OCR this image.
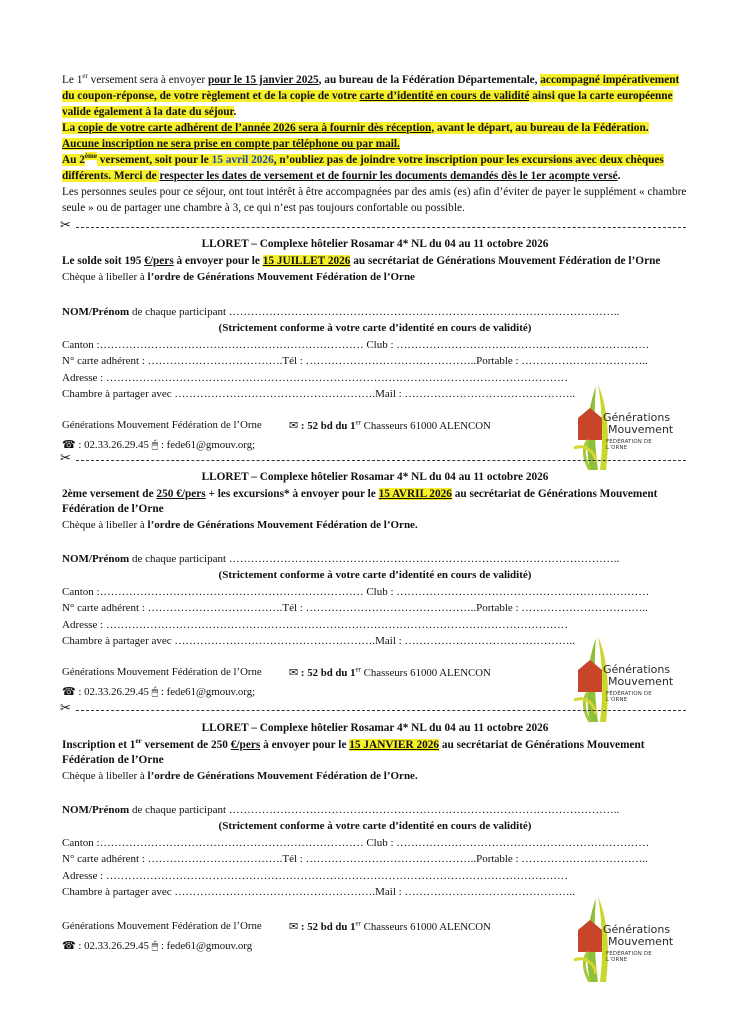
Le 1er versement sera à envoyer pour le 15 janvier 2025, au bureau de la Fédération Départementale, accompagné impérativement du coupon-réponse, de votre règlement et de la copie de votre carte d’identité en cours de validité ainsi que la carte européenne valide également à la date du séjour.

La copie de votre carte adhérent de l’année 2026 sera à fournir dès réception, avant le départ, au bureau de la Fédération.

Aucune inscription ne sera prise en compte par téléphone ou par mail.

Au 2ème versement, soit pour le 15 avril 2026, n’oubliez pas de joindre votre inscription pour les excursions avec deux chèques différents. Merci de respecter les dates de versement et de fournir les documents demandés dès le 1er acompte versé.

Les personnes seules pour ce séjour, ont tout intérêt à être accompagnées par des amis (es) afin d’éviter de payer le supplément « chambre seule » ou de partager une chambre à 3, ce qui n’est pas toujours confortable ou possible.

✂

LLORET – Complexe hôtelier Rosamar 4* NL du 04 au 11 octobre 2026

Le solde soit 195 €/pers à envoyer pour le 15 JUILLET 2026 au secrétariat de Générations Mouvement Fédération de l’Orne

Chèque à libeller à l’ordre de Générations Mouvement Fédération de l’Orne

NOM/Prénom de chaque participant ……………………………………………………………………………………………..
(Strictement conforme à votre carte d’identité en cours de validité)
Canton :……………………………………………………………… Club : ……………………………………………………………
N° carte adhérent : ……………………………….Tél : ………………………………………..Portable : ……………………………..
Adresse : ………………………………………………………………………………………………………………
Chambre à partager avec ……………………………………………….Mail : ………………………………………..
Générations Mouvement Fédération de l’Orne ✉ : 52 bd du 1er Chasseurs 61000 ALENCON
☎ : 02.33.26.29.45 🖱 : fede61@gmouv.org;
Générations
Mouvement
FÉDÉRATION DE L’ORNE
✂

LLORET – Complexe hôtelier Rosamar 4* NL du 04 au 11 octobre 2026

2ème versement de 250 €/pers + les excursions* à envoyer pour le 15 AVRIL 2026 au secrétariat de Générations Mouvement Fédération de l’Orne

Chèque à libeller à l’ordre de Générations Mouvement Fédération de l’Orne.

NOM/Prénom de chaque participant ……………………………………………………………………………………………..
(Strictement conforme à votre carte d’identité en cours de validité)
Canton :……………………………………………………………… Club : ……………………………………………………………
N° carte adhérent : ……………………………….Tél : ………………………………………..Portable : ……………………………..
Adresse : ………………………………………………………………………………………………………………
Chambre à partager avec ……………………………………………….Mail : ………………………………………..
Générations Mouvement Fédération de l’Orne ✉ : 52 bd du 1er Chasseurs 61000 ALENCON
☎ : 02.33.26.29.45 🖱 : fede61@gmouv.org;
Générations
Mouvement
FÉDÉRATION DE L’ORNE
✂

LLORET – Complexe hôtelier Rosamar 4* NL du 04 au 11 octobre 2026

Inscription et 1er versement de 250 €/pers à envoyer pour le 15 JANVIER 2026 au secrétariat de Générations Mouvement Fédération de l’Orne

Chèque à libeller à l’ordre de Générations Mouvement Fédération de l’Orne.

NOM/Prénom de chaque participant ……………………………………………………………………………………………..
(Strictement conforme à votre carte d’identité en cours de validité)
Canton :……………………………………………………………… Club : ……………………………………………………………
N° carte adhérent : ……………………………….Tél : ………………………………………..Portable : ……………………………..
Adresse : ………………………………………………………………………………………………………………
Chambre à partager avec ……………………………………………….Mail : ………………………………………..
Générations Mouvement Fédération de l’Orne ✉ : 52 bd du 1er Chasseurs 61000 ALENCON
☎ : 02.33.26.29.45 🖱 : fede61@gmouv.org
Générations
Mouvement
FÉDÉRATION DE L’ORNE
